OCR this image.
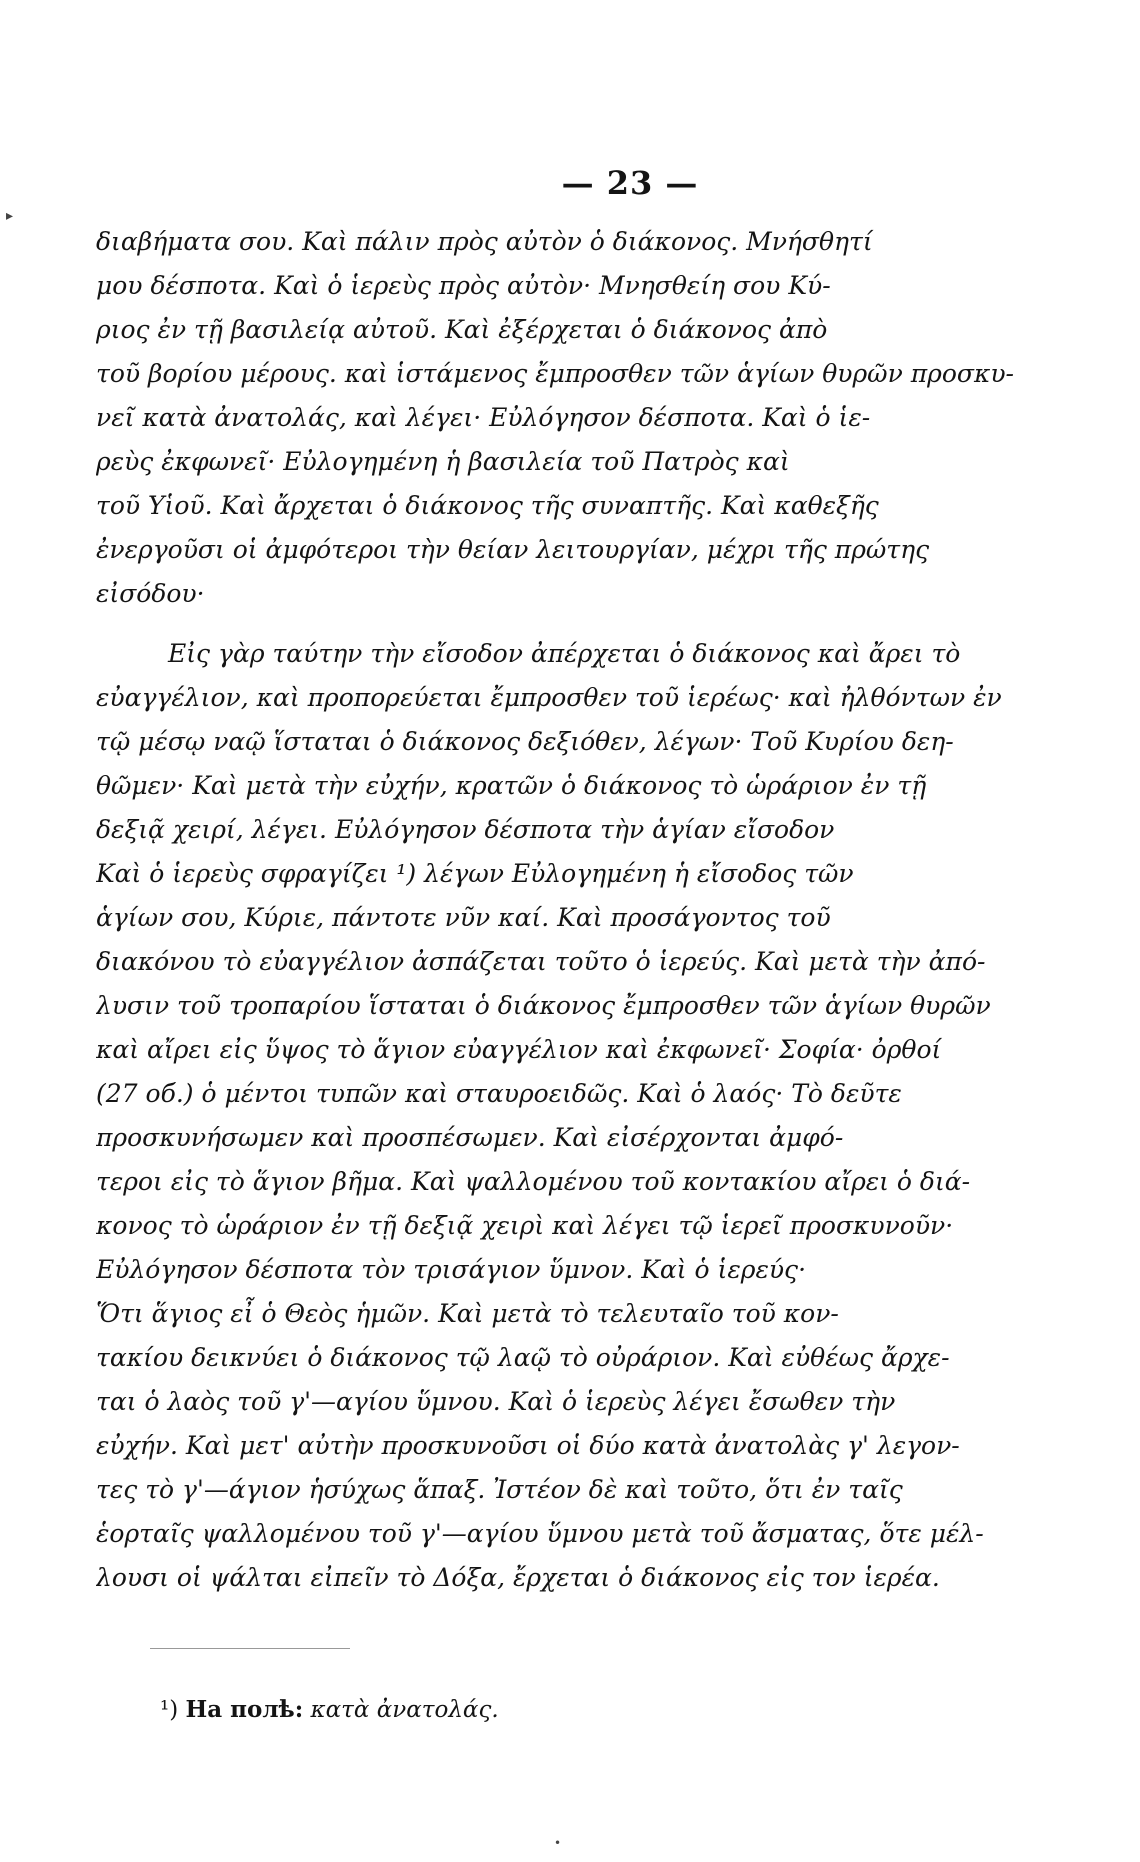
▸
— 23 —
διαβήματα σου. Καὶ πάλιν πρὸς αὐτὸν ὁ διάκονος. Μνήσθητί
μου δέσποτα. Καὶ ὁ ἱερεὺς πρὸς αὐτὸν· Μνησθείη σου Κύ-
ριος ἐν τῇ βασιλείᾳ αὐτοῦ. Καὶ ἐξέρχεται ὁ διάκονος ἀπὸ
τοῦ βορίου μέρους. καὶ ἱστάμενος ἔμπροσθεν τῶν ἁγίων θυρῶν προσκυ-
νεῖ κατὰ ἀνατολάς, καὶ λέγει· Εὐλόγησον δέσποτα. Καὶ ὁ ἱε-
ρεὺς ἐκφωνεῖ· Εὐλογημένη ἡ βασιλεία τοῦ Πατρὸς καὶ
τοῦ Υἱοῦ. Καὶ ἄρχεται ὁ διάκονος τῆς συναπτῆς. Καὶ καθεξῆς
ἐνεργοῦσι οἱ ἀμφότεροι τὴν θείαν λειτουργίαν, μέχρι τῆς πρώτης
εἰσόδου·
Εἰς γὰρ ταύτην τὴν εἴσοδον ἀπέρχεται ὁ διάκονος καὶ ἄρει τὸ
εὐαγγέλιον, καὶ προπορεύεται ἔμπροσθεν τοῦ ἱερέως· καὶ ἠλθόντων ἐν
τῷ μέσῳ ναῷ ἵσταται ὁ διάκονος δεξιόθεν, λέγων· Τοῦ Κυρίου δεη-
θῶμεν· Καὶ μετὰ τὴν εὐχήν, κρατῶν ὁ διάκονος τὸ ὡράριον ἐν τῇ
δεξιᾷ χειρί, λέγει. Εὐλόγησον δέσποτα τὴν ἁγίαν εἴσοδον
Καὶ ὁ ἱερεὺς σφραγίζει ¹) λέγων Εὐλογημένη ἡ εἴσοδος τῶν
ἁγίων σου, Κύριε, πάντοτε νῦν καί. Καὶ προσάγοντος τοῦ
διακόνου τὸ εὐαγγέλιον ἀσπάζεται τοῦτο ὁ ἱερεύς. Καὶ μετὰ τὴν ἀπό-
λυσιν τοῦ τροπαρίου ἵσταται ὁ διάκονος ἔμπροσθεν τῶν ἁγίων θυρῶν
καὶ αἴρει εἰς ὕψος τὸ ἅγιον εὐαγγέλιον καὶ ἐκφωνεῖ· Σοφία· ὀρθοί
(27 об.) ὁ μέντοι τυπῶν καὶ σταυροειδῶς. Καὶ ὁ λαός· Τὸ δεῦτε
προσκυνήσωμεν καὶ προσπέσωμεν. Καὶ εἰσέρχονται ἀμφό-
τεροι εἰς τὸ ἅγιον βῆμα. Καὶ ψαλλομένου τοῦ κοντακίου αἴρει ὁ διά-
κονος τὸ ὡράριον ἐν τῇ δεξιᾷ χειρὶ καὶ λέγει τῷ ἱερεῖ προσκυνοῦν·
Εὐλόγησον δέσποτα τὸν τρισάγιον ὕμνον. Καὶ ὁ ἱερεύς·
Ὅτι ἅγιος εἶ ὁ Θεὸς ἡμῶν. Καὶ μετὰ τὸ τελευταῖο τοῦ κον-
τακίου δεικνύει ὁ διάκονος τῷ λαῷ τὸ οὐράριον. Καὶ εὐθέως ἄρχε-
ται ὁ λαὸς τοῦ γ'—αγίου ὕμνου. Καὶ ὁ ἱερεὺς λέγει ἔσωθεν τὴν
εὐχήν. Καὶ μετ' αὐτὴν προσκυνοῦσι οἱ δύο κατὰ ἀνατολὰς γ' λεγον-
τες τὸ γ'—άγιον ἡσύχως ἅπαξ. Ἰστέον δὲ καὶ τοῦτο, ὅτι ἐν ταῖς
ἑορταῖς ψαλλομένου τοῦ γ'—αγίου ὕμνου μετὰ τοῦ ἄσματας, ὅτε μέλ-
λουσι οἱ ψάλται εἰπεῖν τὸ Δόξα, ἔρχεται ὁ διάκονος εἰς τον ἱερέα.
¹) На полѣ: κατὰ ἀνατολάς.
•
